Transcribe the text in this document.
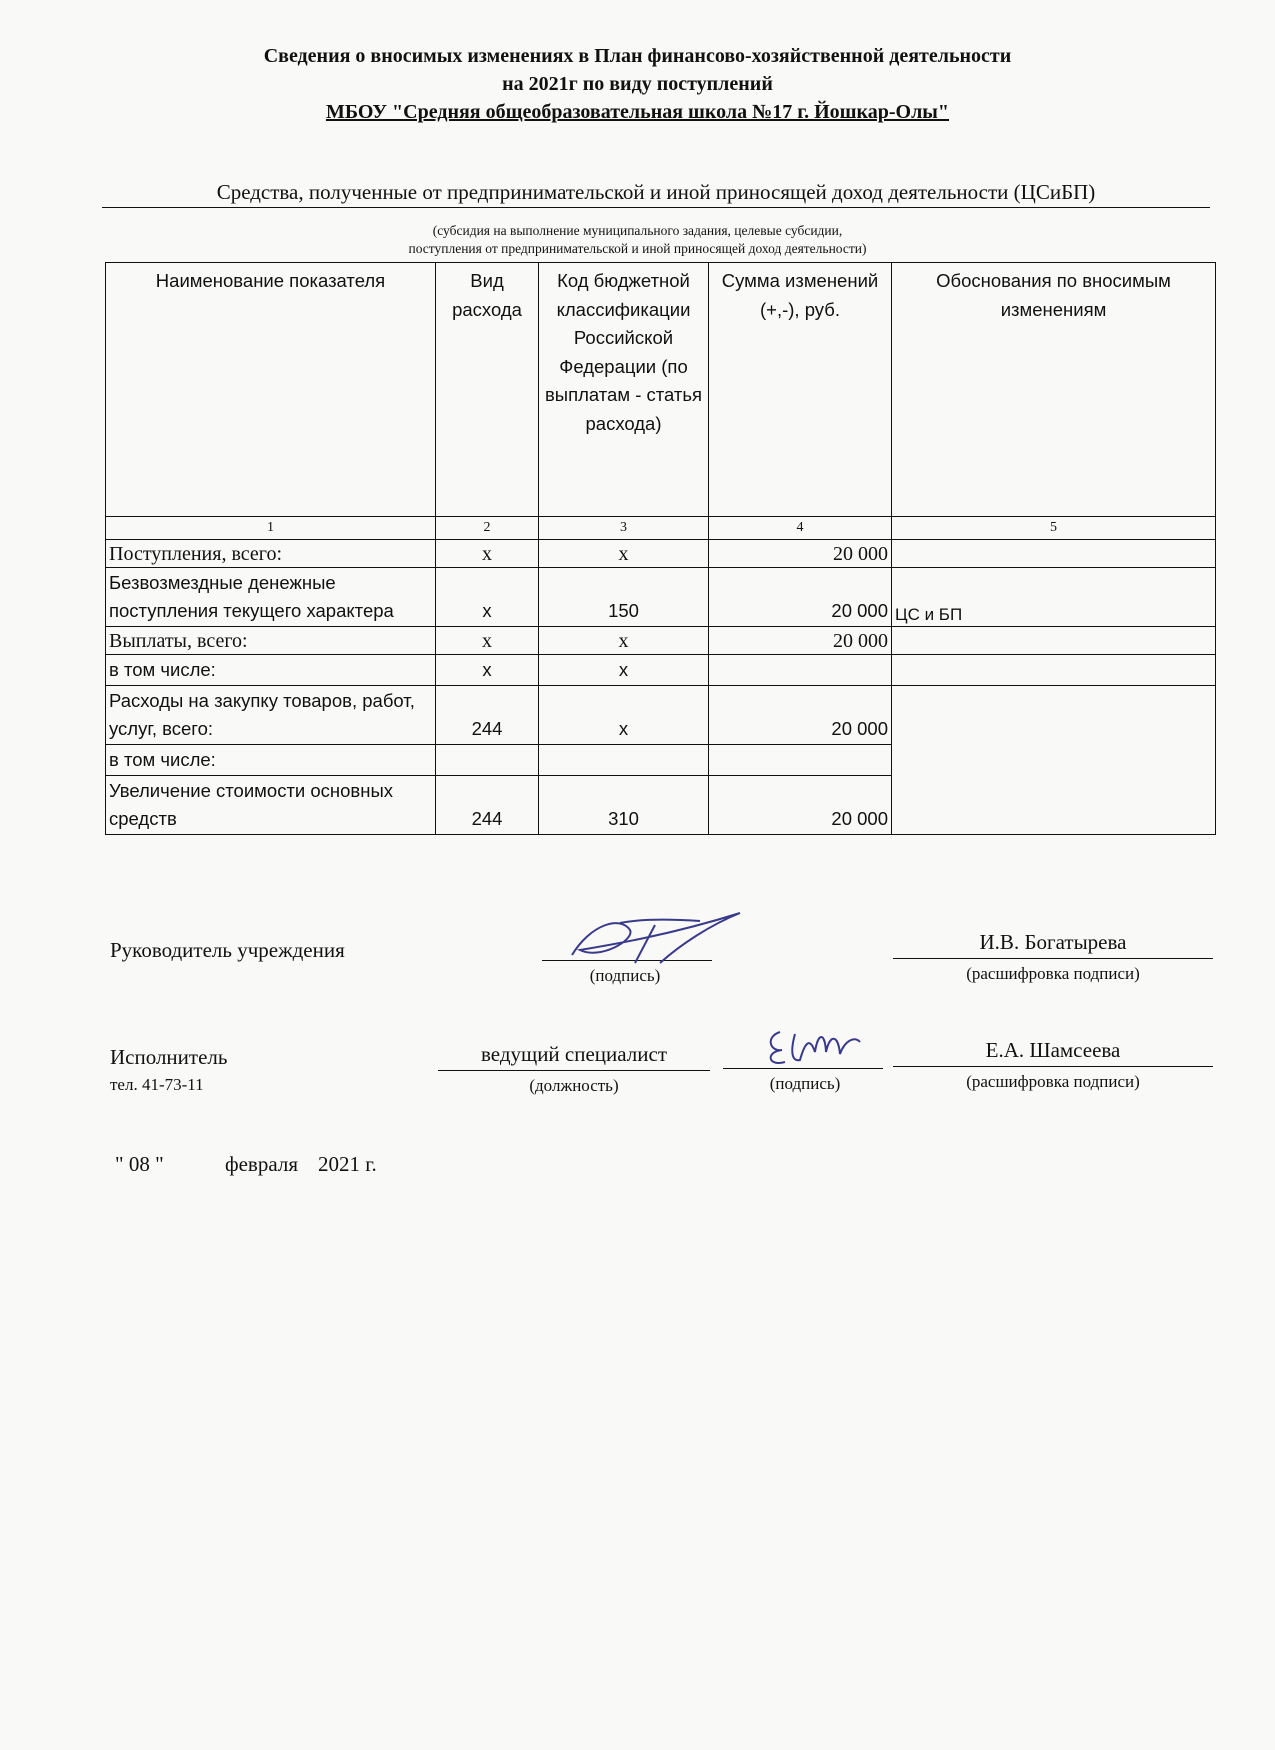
Сведения о вносимых изменениях в План финансово-хозяйственной деятельности
на 2021г по виду поступлений
МБОУ "Средняя общеобразовательная школа №17 г. Йошкар-Олы"
Средства, полученные от предпринимательской и иной приносящей доход деятельности (ЦСиБП)
(субсидия на выполнение муниципального задания, целевые субсидии,
поступления от предпринимательской и иной приносящей доход деятельности)
Наименование показателя	Вид расхода	Код бюджетной классификации Российской Федерации (по выплатам - статья расхода)	Сумма изменений (+,-), руб.	Обоснования по вносимым изменениям
1	2	3	4	5
Поступления, всего:	х	х	20 000	
Безвозмездные денежные поступления текущего характера	х	150	20 000	ЦС и БП
Выплаты, всего:	х	х	20 000	
в том числе:	х	х		
Расходы на закупку товаров, работ, услуг, всего:	244	х	20 000	
в том числе:				
Увеличение стоимости основных средств	244	310	20 000	
Руководитель учреждения
(подпись)
И.В. Богатырева
(расшифровка подписи)
Исполнитель
тел. 41-73-11
ведущий специалист
(должность)	(подпись)
Е.А. Шамсеева
(расшифровка подписи)
" 08 "	февраля 2021 г.
